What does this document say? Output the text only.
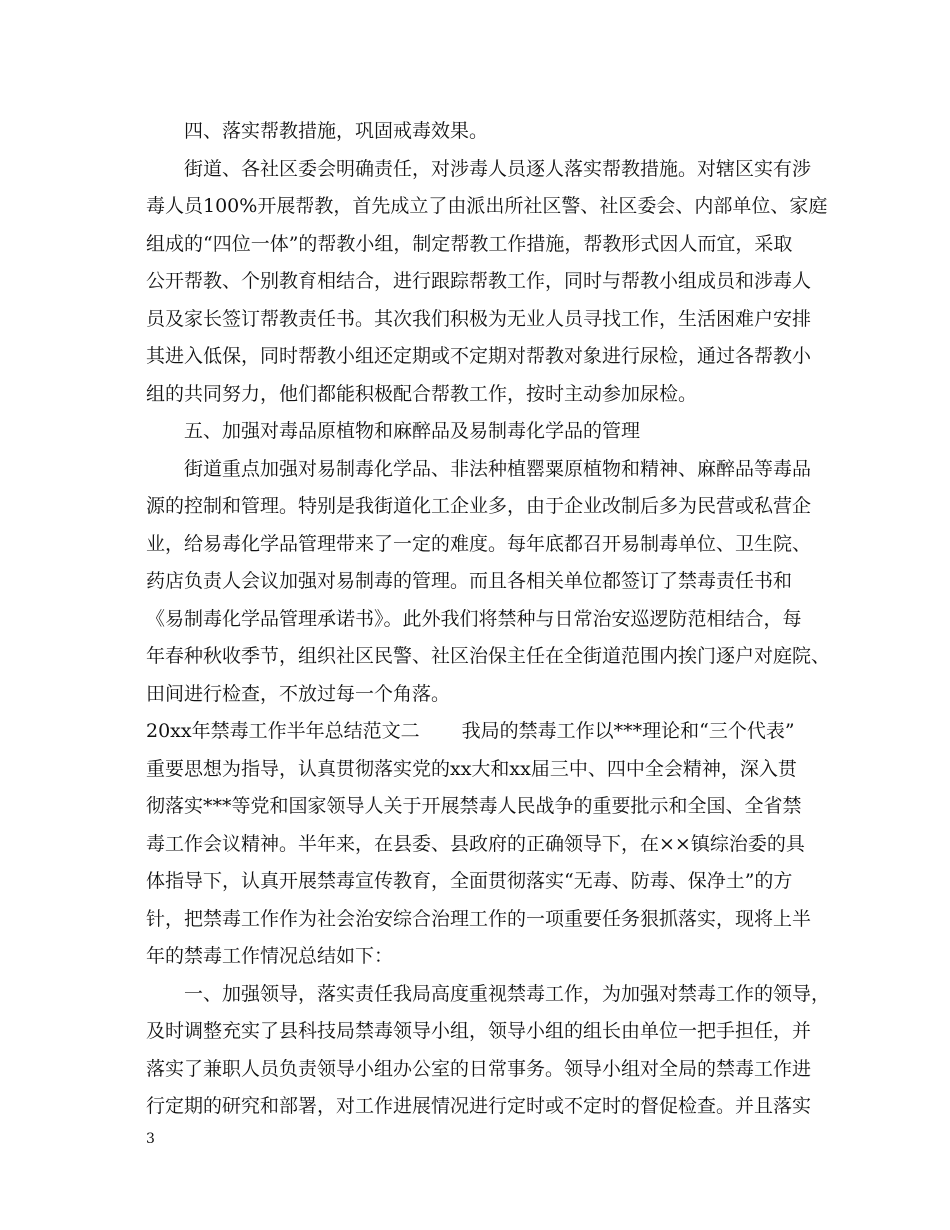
四、落实帮教措施，巩固戒毒效果。
街道、各社区委会明确责任，对涉毒人员逐人落实帮教措施。对辖区实有涉
毒人员100%开展帮教，首先成立了由派出所社区警、社区委会、内部单位、家庭
组成的“四位一体”的帮教小组，制定帮教工作措施，帮教形式因人而宜，采取
公开帮教、个别教育相结合，进行跟踪帮教工作，同时与帮教小组成员和涉毒人
员及家长签订帮教责任书。其次我们积极为无业人员寻找工作，生活困难户安排
其进入低保，同时帮教小组还定期或不定期对帮教对象进行尿检，通过各帮教小
组的共同努力，他们都能积极配合帮教工作，按时主动参加尿检。
五、加强对毒品原植物和麻醉品及易制毒化学品的管理
街道重点加强对易制毒化学品、非法种植罂粟原植物和精神、麻醉品等毒品
源的控制和管理。特别是我街道化工企业多，由于企业改制后多为民营或私营企
业，给易毒化学品管理带来了一定的难度。每年底都召开易制毒单位、卫生院、
药店负责人会议加强对易制毒的管理。而且各相关单位都签订了禁毒责任书和
《易制毒化学品管理承诺书》。此外我们将禁种与日常治安巡逻防范相结合，每
年春种秋收季节，组织社区民警、社区治保主任在全街道范围内挨门逐户对庭院、
田间进行检查，不放过每一个角落。
20xx年禁毒工作半年总结范文二 我局的禁毒工作以***理论和“三个代表”
重要思想为指导，认真贯彻落实党的xx大和xx届三中、四中全会精神，深入贯
彻落实***等党和国家领导人关于开展禁毒人民战争的重要批示和全国、全省禁
毒工作会议精神。半年来，在县委、县政府的正确领导下，在××镇综治委的具
体指导下，认真开展禁毒宣传教育，全面贯彻落实“无毒、防毒、保净土”的方
针，把禁毒工作作为社会治安综合治理工作的一项重要任务狠抓落实，现将上半
年的禁毒工作情况总结如下：
一、加强领导，落实责任我局高度重视禁毒工作，为加强对禁毒工作的领导，
及时调整充实了县科技局禁毒领导小组，领导小组的组长由单位一把手担任，并
落实了兼职人员负责领导小组办公室的日常事务。领导小组对全局的禁毒工作进
行定期的研究和部署，对工作进展情况进行定时或不定时的督促检查。并且落实
3
